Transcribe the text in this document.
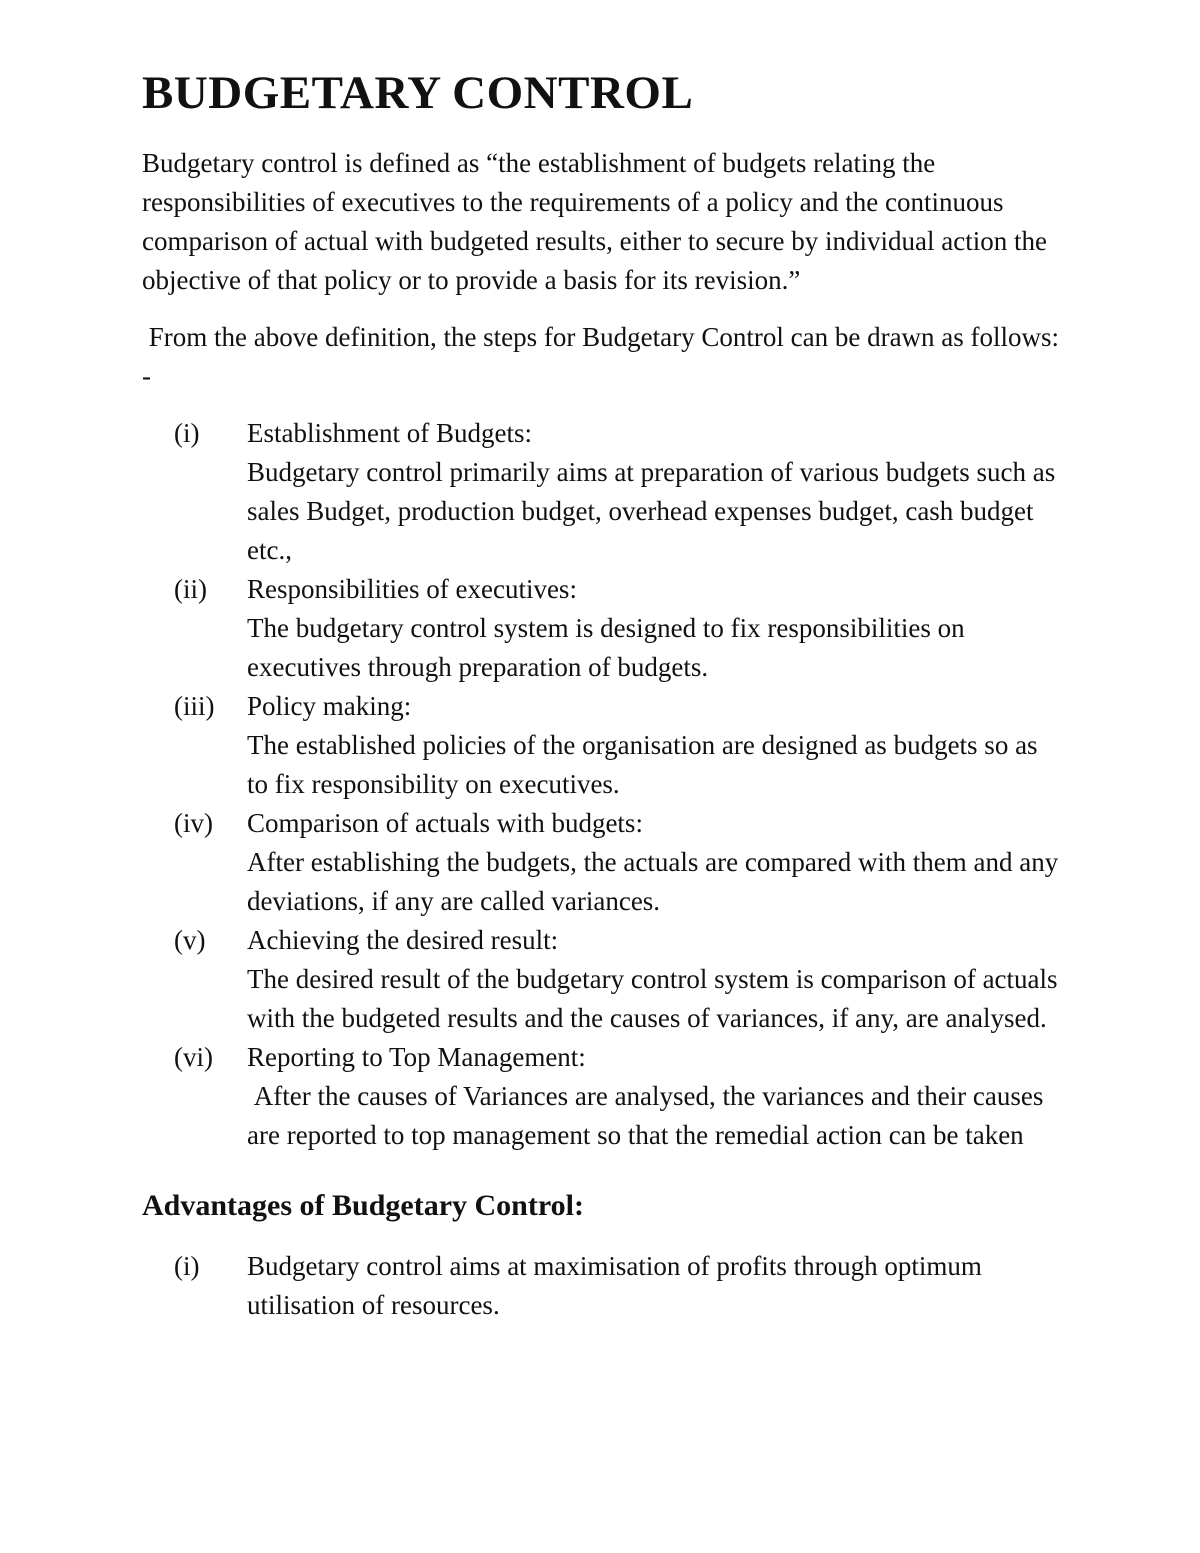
BUDGETARY CONTROL

Budgetary control is defined as “the establishment of budgets relating the responsibilities of executives to the requirements of a policy and the continuous comparison of actual with budgeted results, either to secure by individual action the objective of that policy or to provide a basis for its revision.”

From the above definition, the steps for Budgetary Control can be drawn as follows: -

(i) Establishment of Budgets:
Budgetary control primarily aims at preparation of various budgets such as sales Budget, production budget, overhead expenses budget, cash budget etc.,
(ii) Responsibilities of executives:
The budgetary control system is designed to fix responsibilities on executives through preparation of budgets.
(iii) Policy making:
The established policies of the organisation are designed as budgets so as to fix responsibility on executives.
(iv) Comparison of actuals with budgets:
After establishing the budgets, the actuals are compared with them and any deviations, if any are called variances.
(v) Achieving the desired result:
The desired result of the budgetary control system is comparison of actuals with the budgeted results and the causes of variances, if any, are analysed.
(vi) Reporting to Top Management:
After the causes of Variances are analysed, the variances and their causes are reported to top management so that the remedial action can be taken
Advantages of Budgetary Control:
(i) Budgetary control aims at maximisation of profits through optimum utilisation of resources.
